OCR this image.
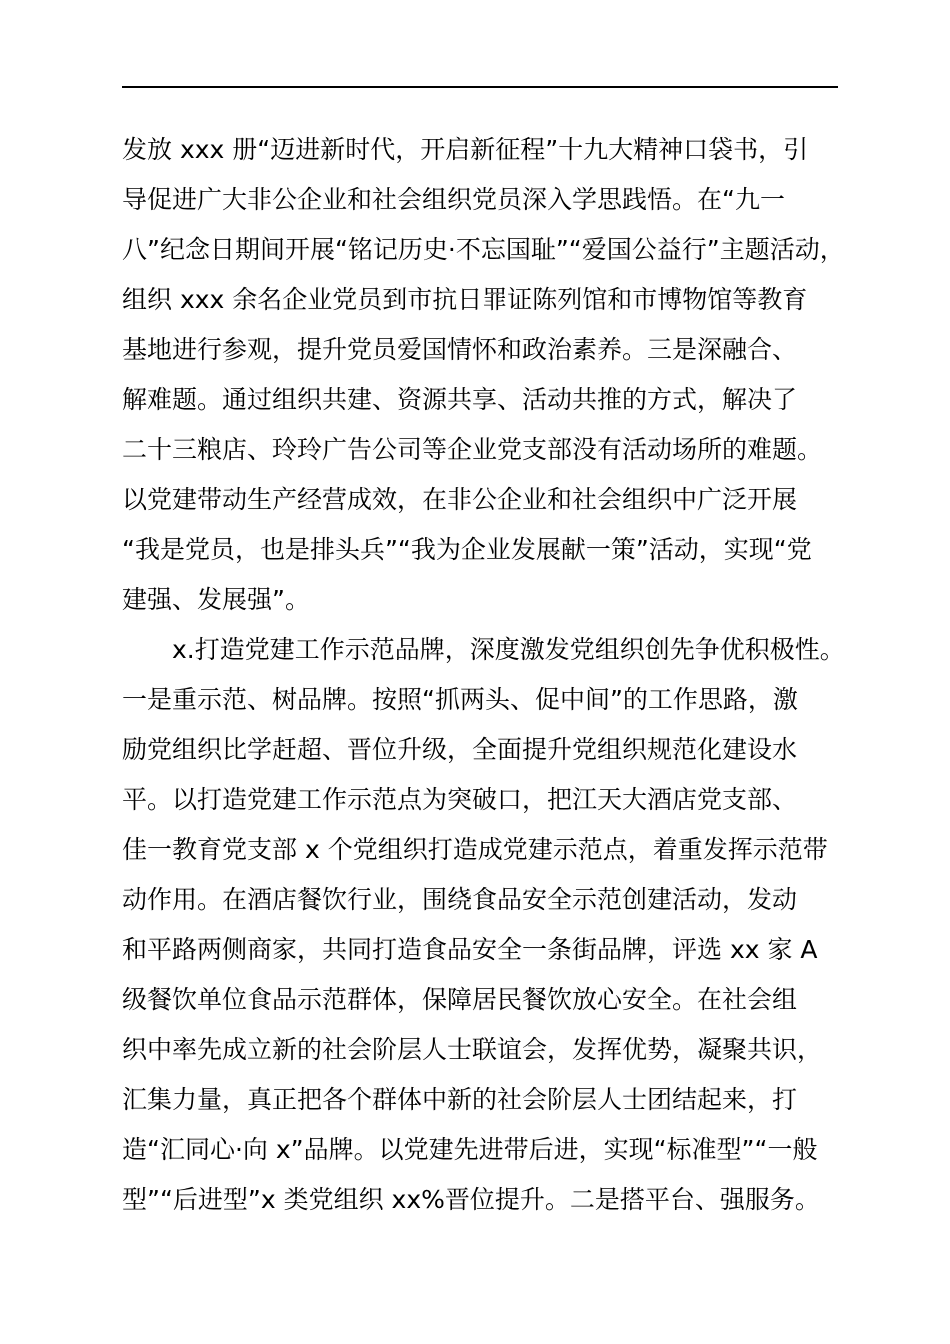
发放 xxx 册“迈进新时代，开启新征程”十九大精神口袋书，引
导促进广大非公企业和社会组织党员深入学思践悟。在“九一
八”纪念日期间开展“铭记历史·不忘国耻”“爱国公益行”主题活动，
组织 xxx 余名企业党员到市抗日罪证陈列馆和市博物馆等教育
基地进行参观，提升党员爱国情怀和政治素养。三是深融合、
解难题。通过组织共建、资源共享、活动共推的方式，解决了
二十三粮店、玲玲广告公司等企业党支部没有活动场所的难题。
以党建带动生产经营成效，在非公企业和社会组织中广泛开展
“我是党员，也是排头兵”“我为企业发展献一策”活动，实现“党
建强、发展强”。
x.打造党建工作示范品牌，深度激发党组织创先争优积极性。
一是重示范、树品牌。按照“抓两头、促中间”的工作思路，激
励党组织比学赶超、晋位升级，全面提升党组织规范化建设水
平。以打造党建工作示范点为突破口，把江天大酒店党支部、
佳一教育党支部 x 个党组织打造成党建示范点，着重发挥示范带
动作用。在酒店餐饮行业，围绕食品安全示范创建活动，发动
和平路两侧商家，共同打造食品安全一条街品牌，评选 xx 家 A
级餐饮单位食品示范群体，保障居民餐饮放心安全。在社会组
织中率先成立新的社会阶层人士联谊会，发挥优势，凝聚共识，
汇集力量，真正把各个群体中新的社会阶层人士团结起来，打
造“汇同心·向 x”品牌。以党建先进带后进，实现“标准型”“一般
型”“后进型”x 类党组织 xx%晋位提升。二是搭平台、强服务。
